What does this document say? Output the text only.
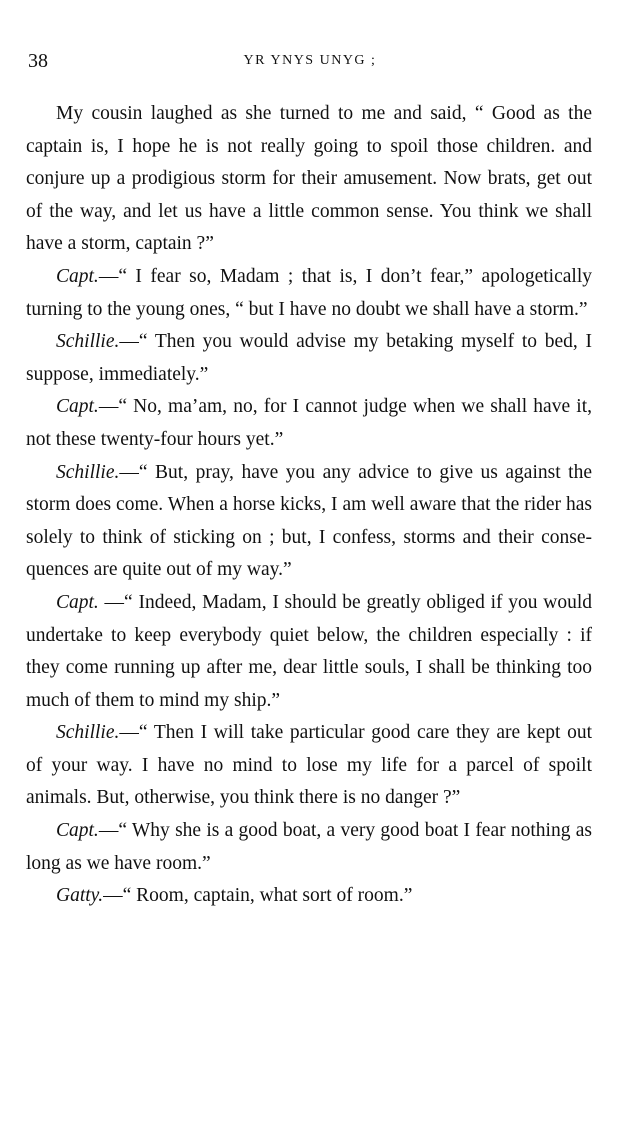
38	YR YNYS UNYG ;

My cousin laughed as she turned to me and said, “ Good as the captain is, I hope he is not really going to spoil those children. and conjure up a prodigious storm for their amusement. Now brats, get out of the way, and let us have a little common sense. You think we shall have a storm, captain ?”

Capt.—“ I fear so, Madam ; that is, I don’t fear,” apologetically turning to the young ones, “ but I have no doubt we shall have a storm.”

Schillie.—“ Then you would advise my betaking myself to bed, I suppose, immediately.”

Capt.—“ No, ma’am, no, for I cannot judge when we shall have it, not these twenty-four hours yet.”

Schillie.—“ But, pray, have you any advice to give us against the storm does come. When a horse kicks, I am well aware that the rider has solely to think of sticking on ; but, I confess, storms and their consequences are quite out of my way.”

Capt. —“ Indeed, Madam, I should be greatly obliged if you would undertake to keep everybody quiet below, the children especially : if they come running up after me, dear little souls, I shall be thinking too much of them to mind my ship.”

Schillie.—“ Then I will take particular good care they are kept out of your way. I have no mind to lose my life for a parcel of spoilt animals. But, otherwise, you think there is no danger ?”

Capt.—“ Why she is a good boat, a very good boat I fear nothing as long as we have room.”

Gatty.—“ Room, captain, what sort of room.”
